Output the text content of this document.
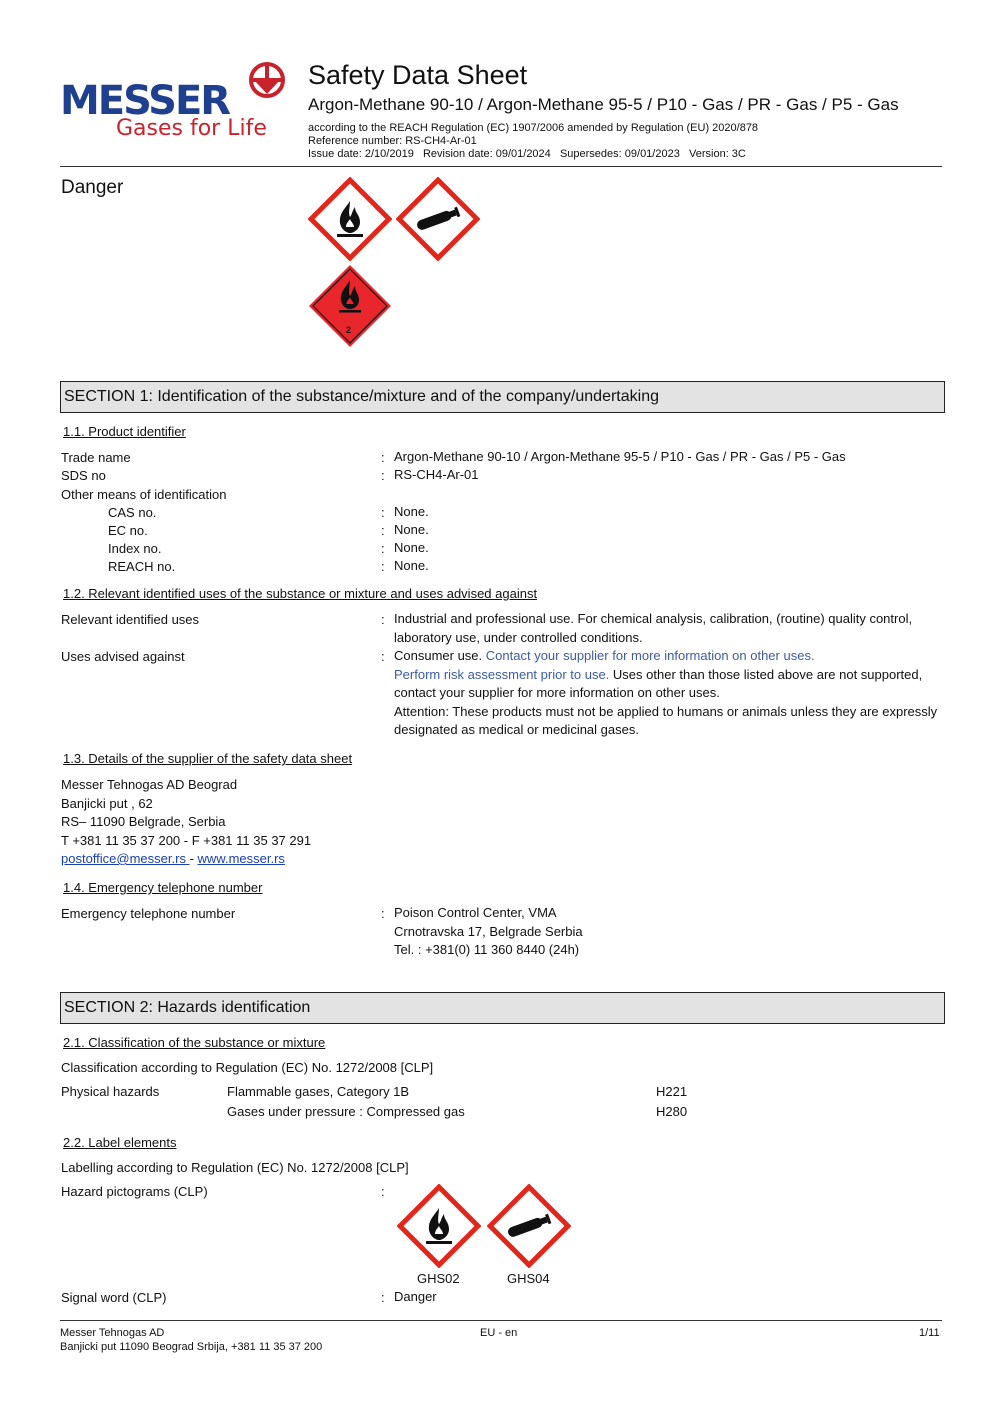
MESSER
Gases for Life
Safety Data Sheet
Argon-Methane 90-10 / Argon-Methane 95-5 / P10 - Gas / PR - Gas / P5 - Gas
according to the REACH Regulation (EC) 1907/2006 amended by Regulation (EU) 2020/878
Reference number: RS-CH4-Ar-01
Issue date: 2/10/2019   Revision date: 09/01/2024   Supersedes: 09/01/2023   Version: 3C
Danger
2
SECTION 1: Identification of the substance/mixture and of the company/undertaking
1.1. Product identifier
Trade name	: Argon-Methane 90-10 / Argon-Methane 95-5 / P10 - Gas / PR - Gas / P5 - Gas
SDS no	: RS-CH4-Ar-01
Other means of identification
CAS no.	: None.
EC no.	: None.
Index no.	: None.
REACH no.	: None.
1.2. Relevant identified uses of the substance or mixture and uses advised against
Relevant identified uses	: Industrial and professional use. For chemical analysis, calibration, (routine) quality control, laboratory use, under controlled conditions.
Uses advised against	: Consumer use. Contact your supplier for more information on other uses.
Perform risk assessment prior to use. Uses other than those listed above are not supported, contact your supplier for more information on other uses.
Attention: These products must not be applied to humans or animals unless they are expressly designated as medical or medicinal gases.
1.3. Details of the supplier of the safety data sheet
Messer Tehnogas AD Beograd
Banjicki put , 62
RS– 11090 Belgrade, Serbia
T +381 11 35 37 200 - F +381 11 35 37 291
postoffice@messer.rs - www.messer.rs
1.4. Emergency telephone number
Emergency telephone number	: Poison Control Center, VMA
Crnotravska 17, Belgrade Serbia
Tel. : +381(0) 11 360 8440 (24h)
SECTION 2: Hazards identification
2.1. Classification of the substance or mixture
Classification according to Regulation (EC) No. 1272/2008 [CLP]
Physical hazards	Flammable gases, Category 1B	H221
Gases under pressure : Compressed gas	H280
2.2. Label elements
Labelling according to Regulation (EC) No. 1272/2008 [CLP]
Hazard pictograms (CLP)	:
GHS02	GHS04
Signal word (CLP)	: Danger
Messer Tehnogas AD
Banjicki put 11090 Beograd Srbija, +381 11 35 37 200
EU - en	1/11
